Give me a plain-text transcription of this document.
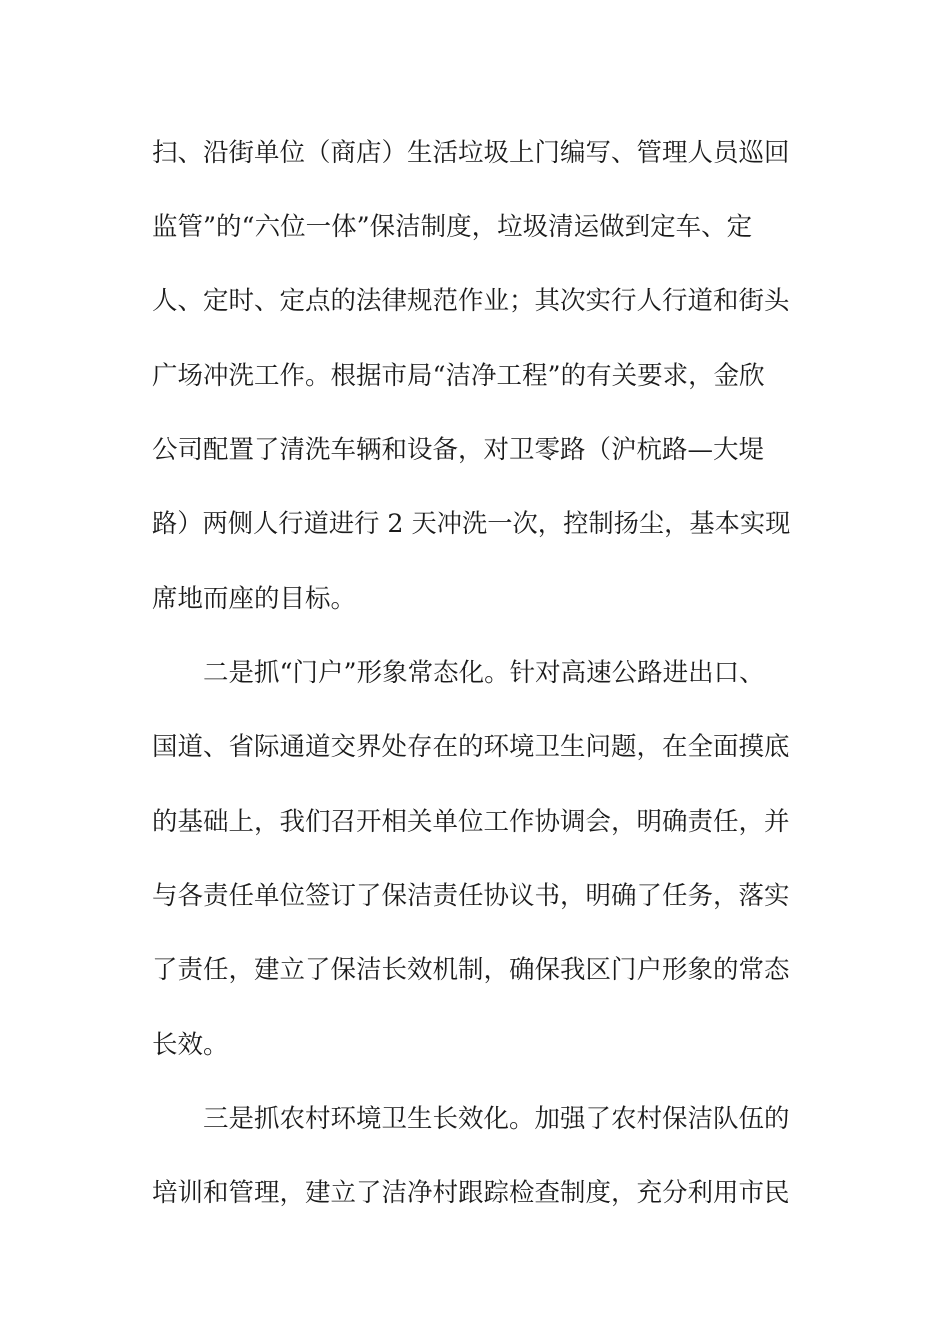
扫、沿街单位（商店）生活垃圾上门编写、管理人员巡回
监管”的“六位一体”保洁制度，垃圾清运做到定车、定
人、定时、定点的法律规范作业；其次实行人行道和街头
广场冲洗工作。根据市局“洁净工程”的有关要求，金欣
公司配置了清洗车辆和设备，对卫零路（沪杭路—大堤
路）两侧人行道进行 2 天冲洗一次，控制扬尘，基本实现
席地而座的目标。
二是抓“门户”形象常态化。针对高速公路进出口、
国道、省际通道交界处存在的环境卫生问题，在全面摸底
的基础上，我们召开相关单位工作协调会，明确责任，并
与各责任单位签订了保洁责任协议书，明确了任务，落实
了责任，建立了保洁长效机制，确保我区门户形象的常态
长效。
三是抓农村环境卫生长效化。加强了农村保洁队伍的
培训和管理，建立了洁净村跟踪检查制度，充分利用市民
